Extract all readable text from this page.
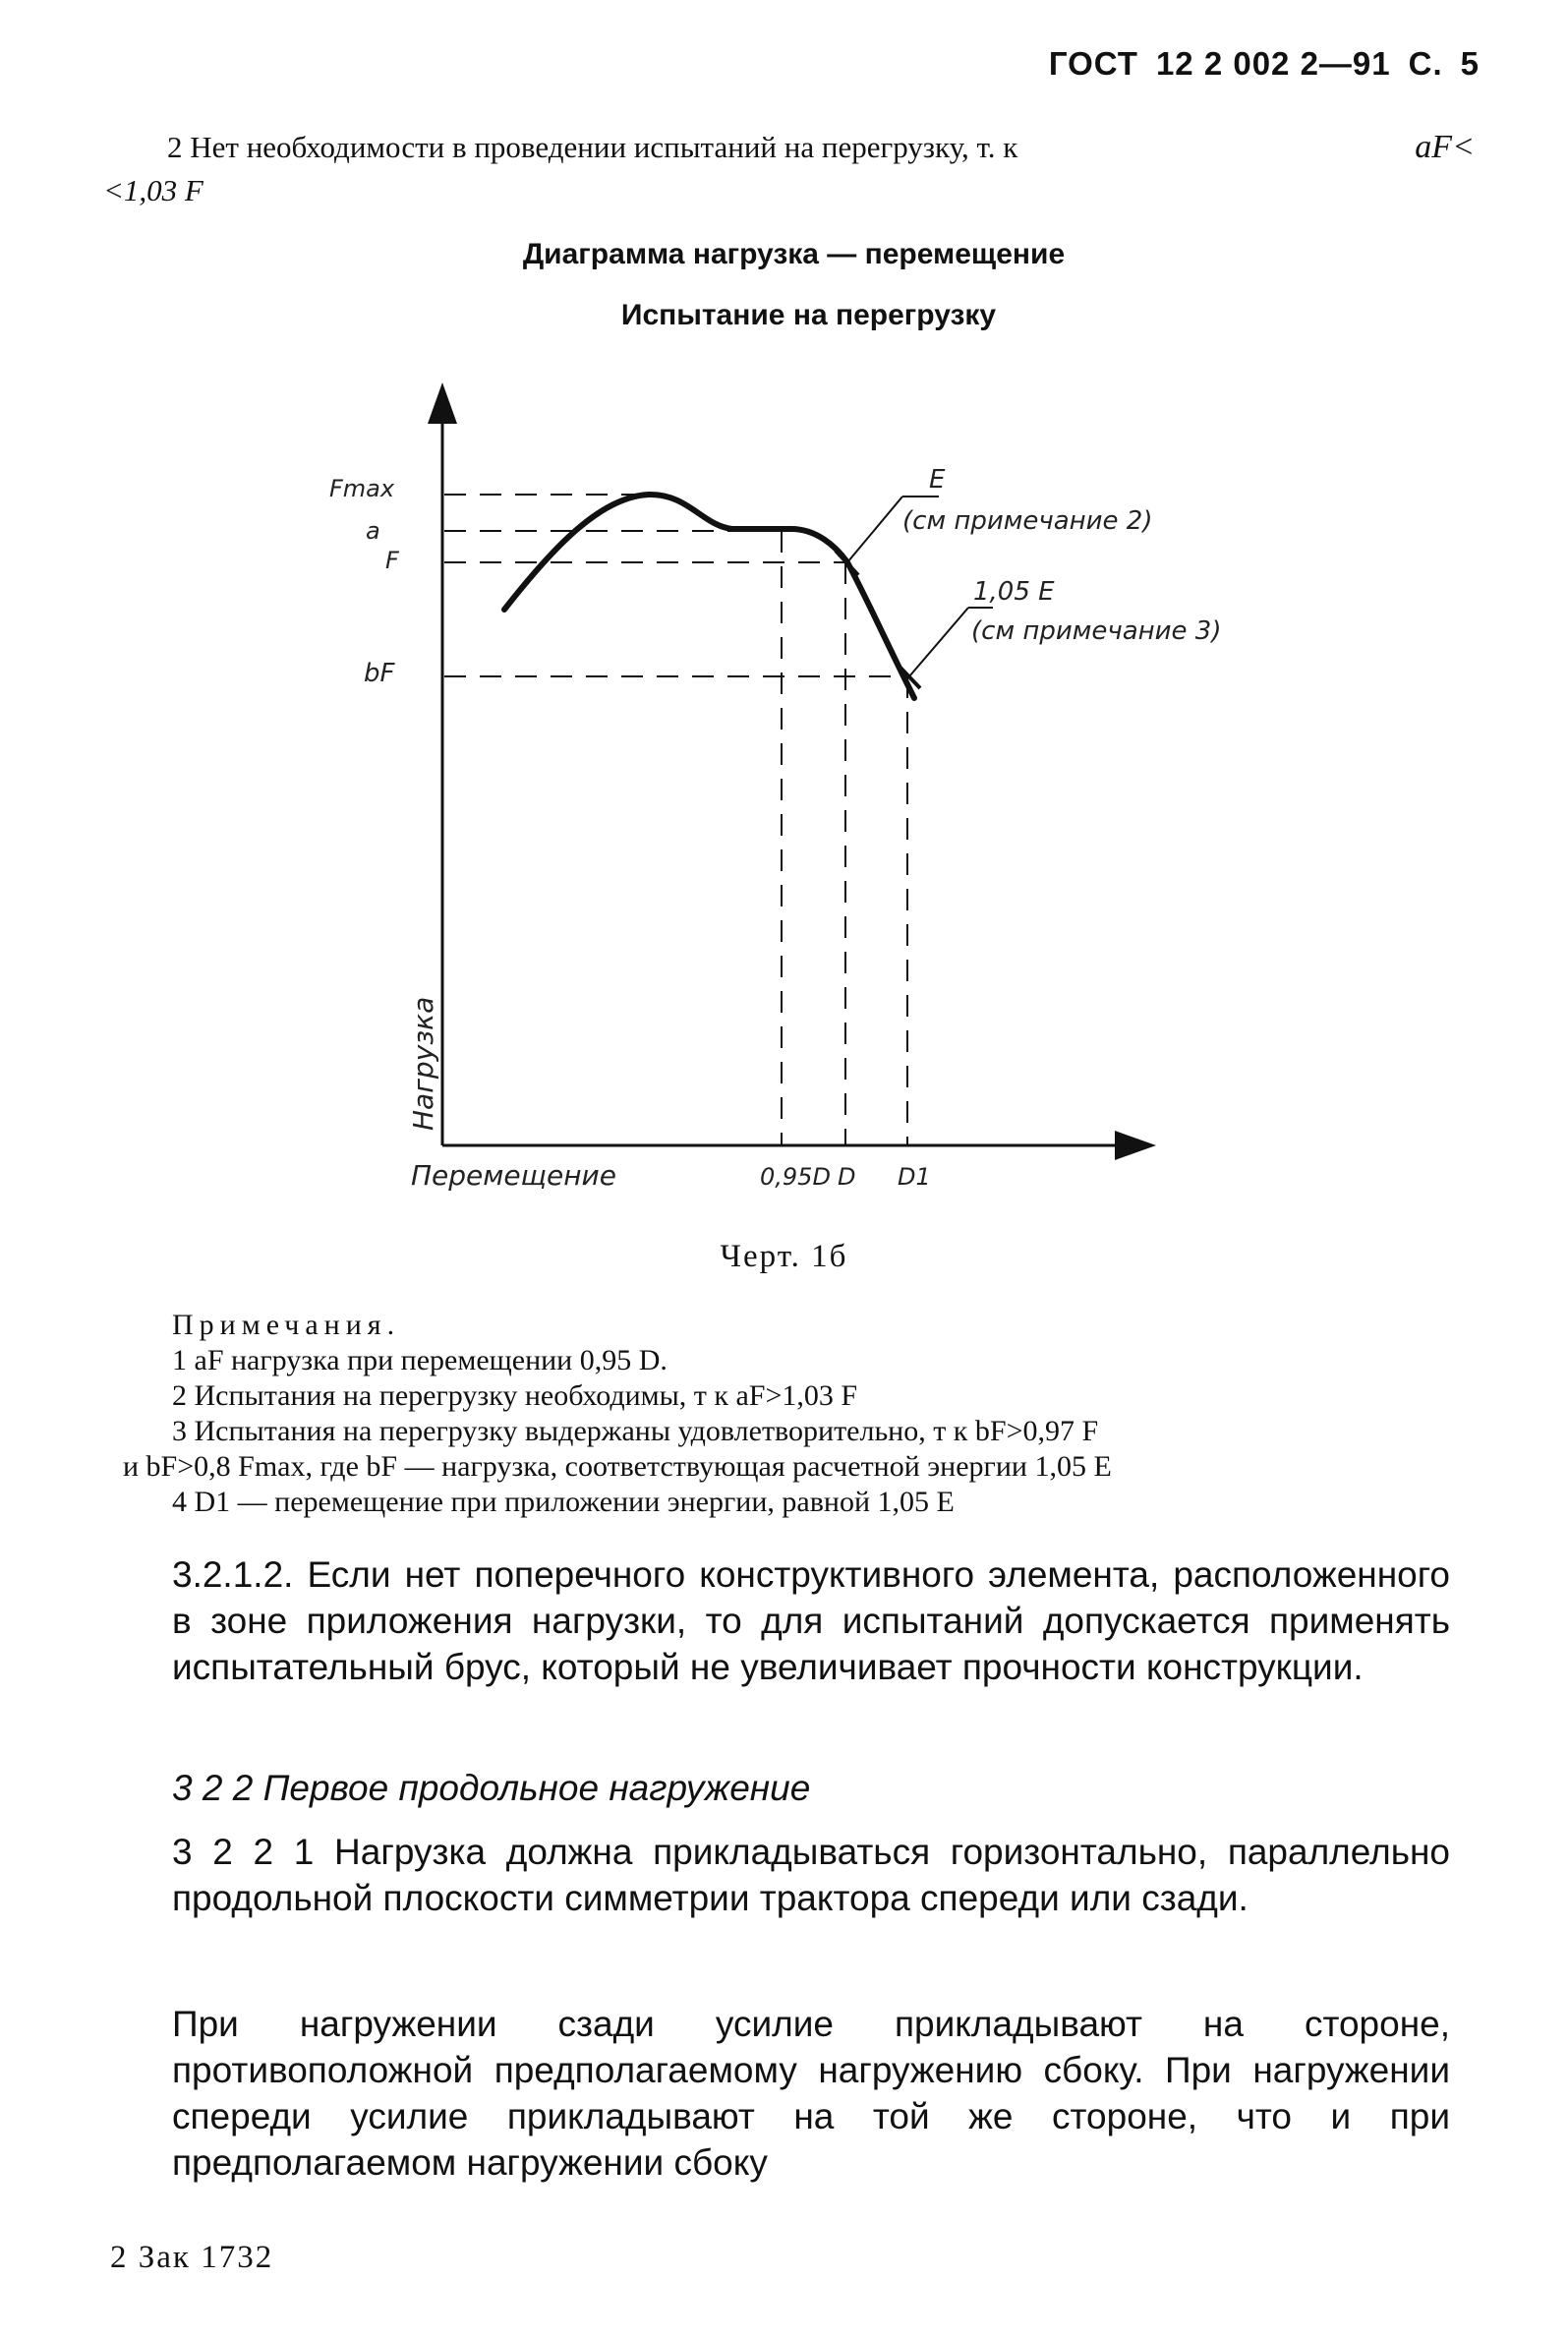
ГОСТ 12 2 002 2—91 С. 5
2 Нет необходимости в проведении испытаний на перегрузку, т. к	aF<
<1,03 F
Диаграмма нагрузка — перемещение
Испытание на перегрузку
Fmax
a
F
bF
E
(см примечание 2)
1,05 E
(см примечание 3)
Нагрузка
Перемещение	0,95D D D1
Черт. 1б
Примечания.
1 aF нагрузка при перемещении 0,95 D.
2 Испытания на перегрузку необходимы, т к aF>1,03 F
3 Испытания на перегрузку выдержаны удовлетворительно, т к bF>0,97 F
и bF>0,8 Fmax, где bF — нагрузка, соответствующая расчетной энергии 1,05 E
4 D1 — перемещение при приложении энергии, равной 1,05 E
3.2.1.2. Если нет поперечного конструктивного элемента, расположенного в зоне приложения нагрузки, то для испытаний допускается применять испытательный брус, который не увеличивает прочности конструкции.
3 2 2 Первое продольное нагружение
3 2 2 1 Нагрузка должна прикладываться горизонтально, параллельно продольной плоскости симметрии трактора спереди или сзади.
При нагружении сзади усилие прикладывают на стороне, противоположной предполагаемому нагружению сбоку. При нагружении спереди усилие прикладывают на той же стороне, что и при предполагаемом нагружении сбоку
2 Зак 1732
